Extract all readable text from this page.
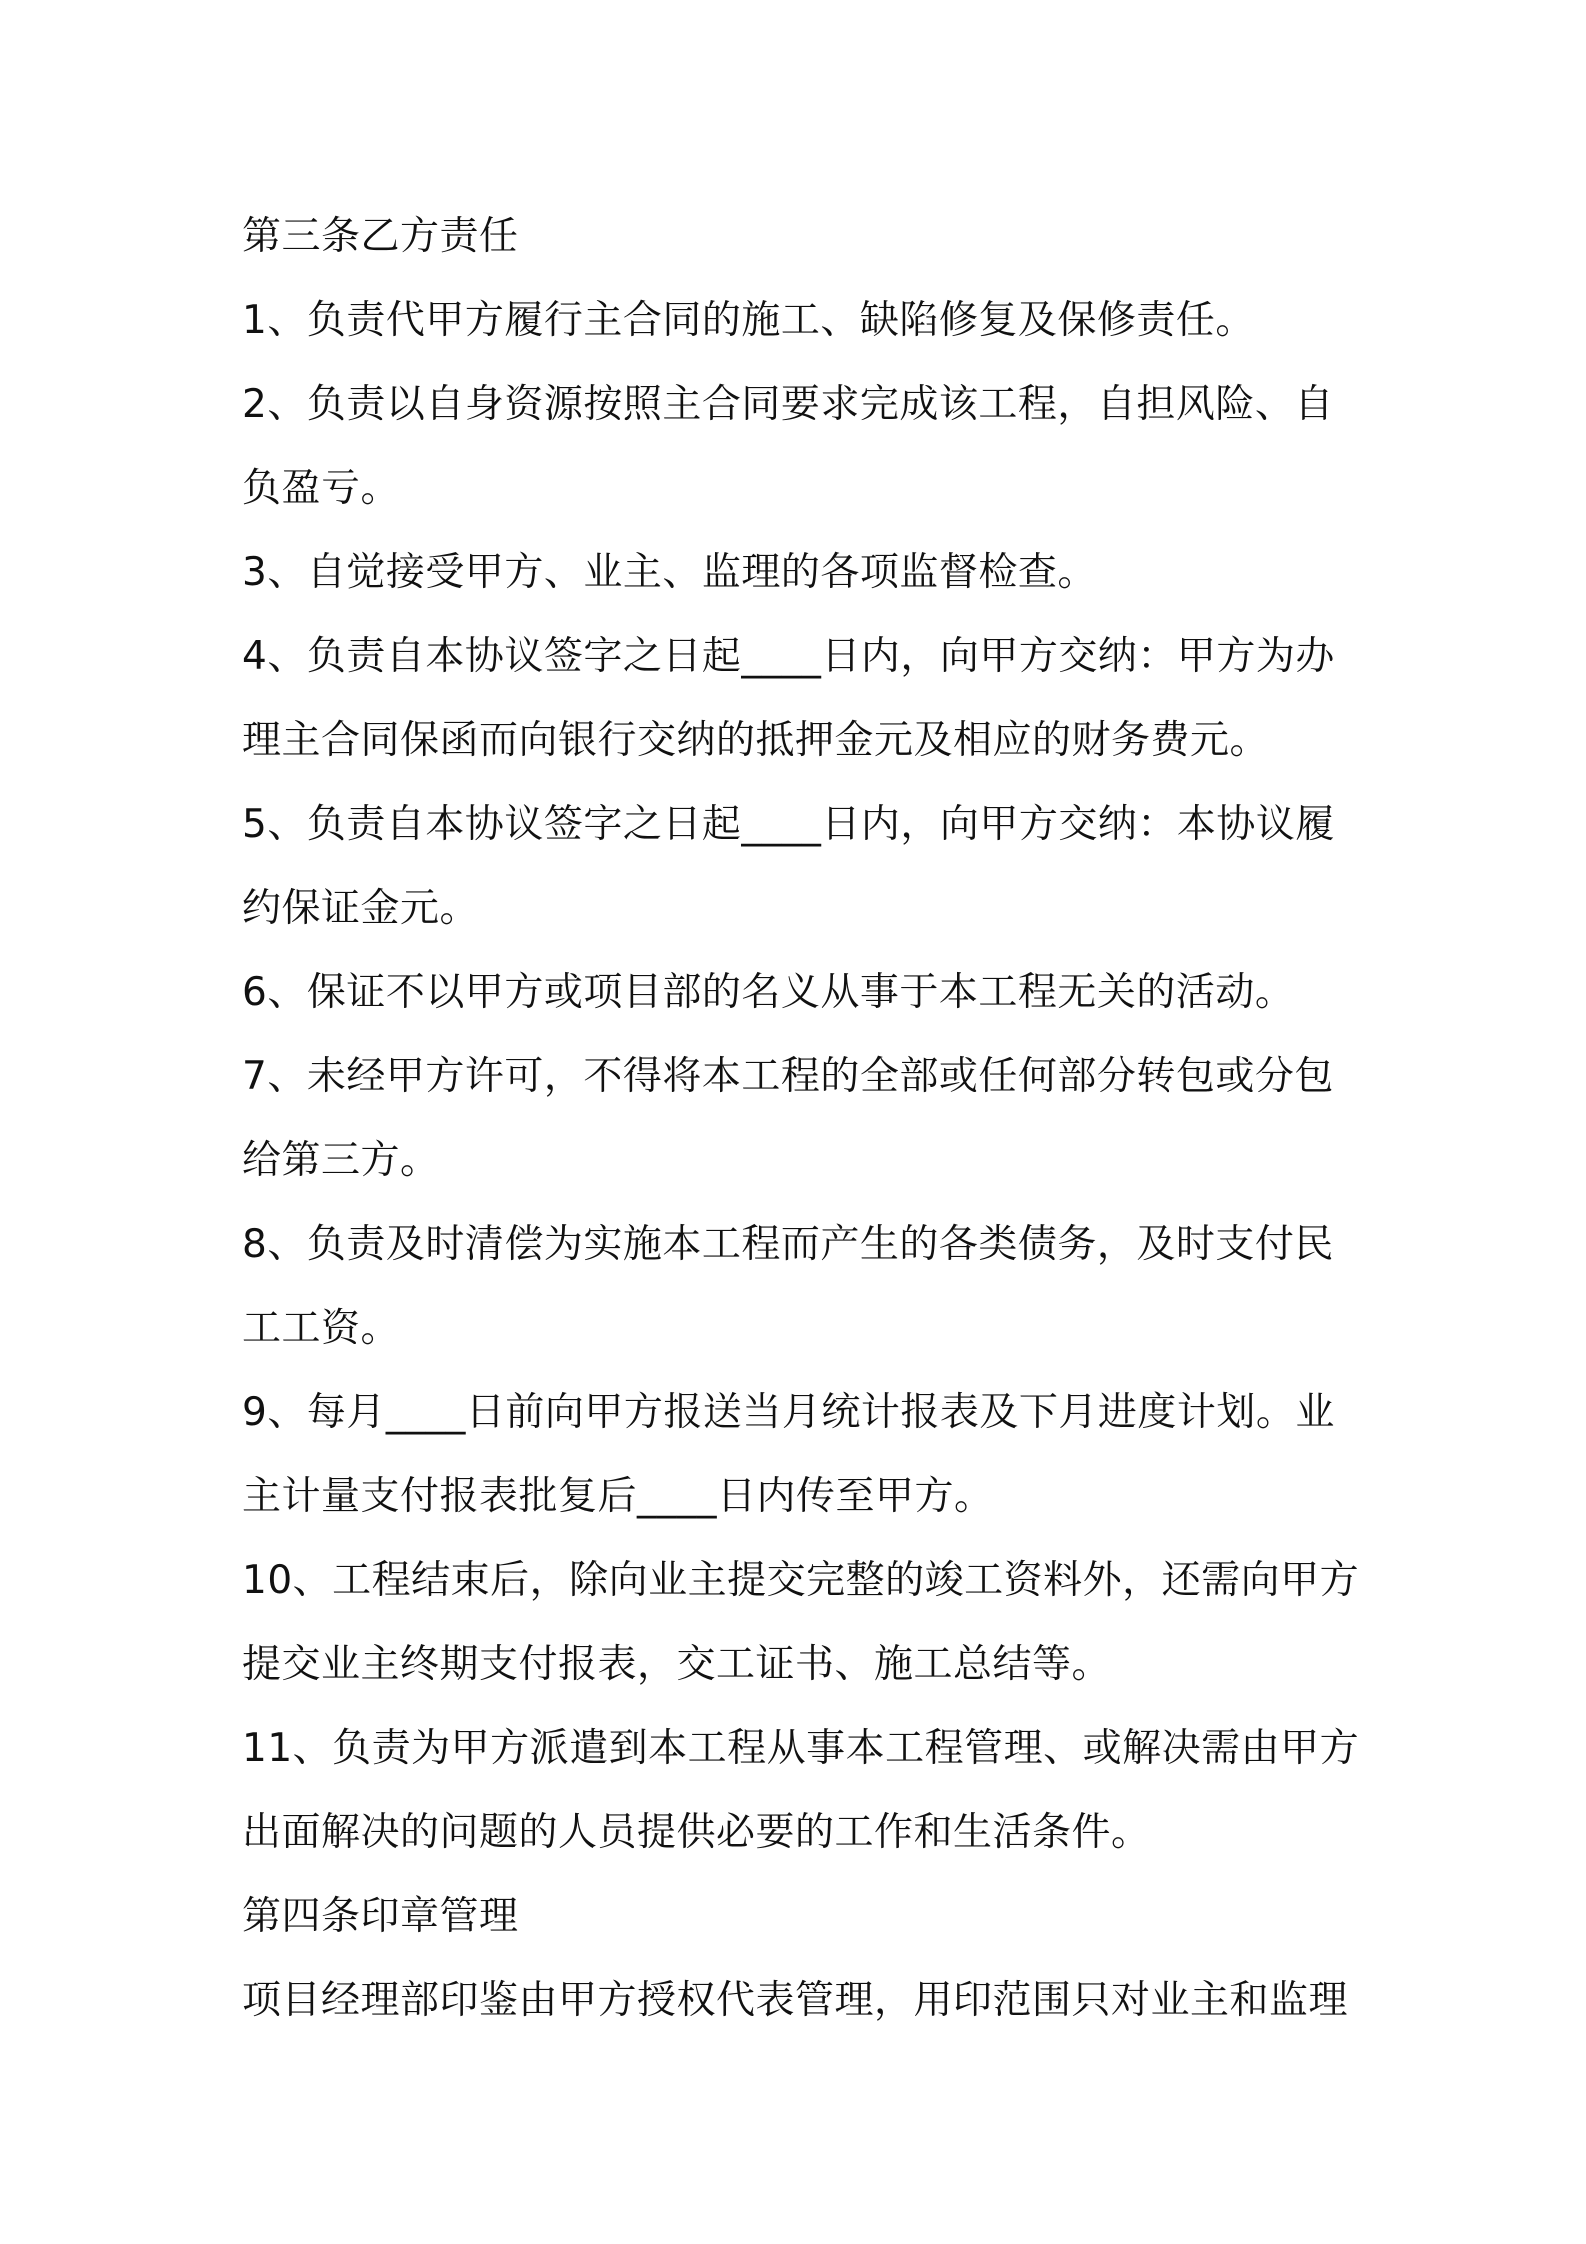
第三条乙方责任
1、负责代甲方履行主合同的施工、缺陷修复及保修责任。
2、负责以自身资源按照主合同要求完成该工程，自担风险、自
负盈亏。
3、自觉接受甲方、业主、监理的各项监督检查。
4、负责自本协议签字之日起____日内，向甲方交纳：甲方为办
理主合同保函而向银行交纳的抵押金元及相应的财务费元。
5、负责自本协议签字之日起____日内，向甲方交纳：本协议履
约保证金元。
6、保证不以甲方或项目部的名义从事于本工程无关的活动。
7、未经甲方许可，不得将本工程的全部或任何部分转包或分包
给第三方。
8、负责及时清偿为实施本工程而产生的各类债务，及时支付民
工工资。
9、每月____日前向甲方报送当月统计报表及下月进度计划。业
主计量支付报表批复后____日内传至甲方。
10、工程结束后，除向业主提交完整的竣工资料外，还需向甲方
提交业主终期支付报表，交工证书、施工总结等。
11、负责为甲方派遣到本工程从事本工程管理、或解决需由甲方
出面解决的问题的人员提供必要的工作和生活条件。
第四条印章管理
项目经理部印鉴由甲方授权代表管理，用印范围只对业主和监理
